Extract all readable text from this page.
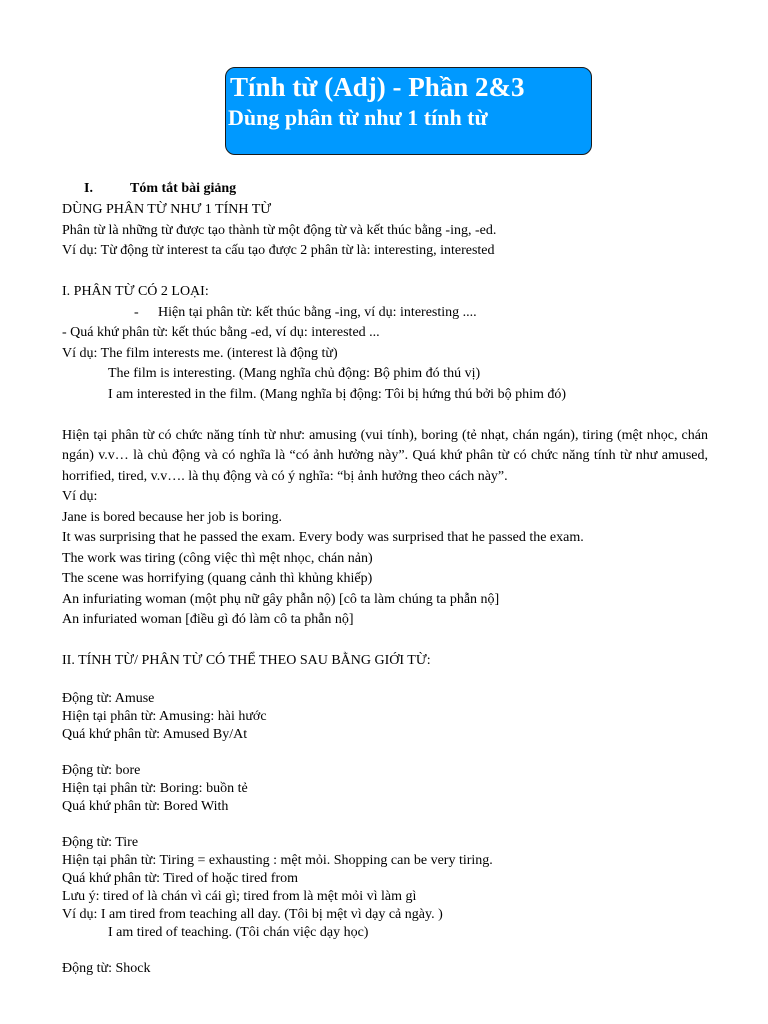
Tính từ (Adj) - Phần 2&3
Dùng phân từ như 1 tính từ
I.	Tóm tắt bài giảng
DÙNG PHÂN TỪ NHƯ 1 TÍNH TỪ
Phân từ là những từ được tạo thành từ một động từ và kết thúc bằng -ing, -ed.
Ví dụ: Từ động từ interest ta cấu tạo được 2 phân từ là: interesting, interested
I. PHÂN TỪ CÓ 2 LOẠI:
- Hiện tại phân từ: kết thúc bằng -ing, ví dụ: interesting ....
- Quá khứ phân từ: kết thúc bằng -ed, ví dụ: interested ...
Ví dụ: The film interests me. (interest là động từ)
The film is interesting. (Mang nghĩa chủ động: Bộ phim đó thú vị)
I am interested in the film. (Mang nghĩa bị động: Tôi bị hứng thú bởi bộ phim đó)
Hiện tại phân từ có chức năng tính từ như: amusing (vui tính), boring (tẻ nhạt, chán ngán), tiring (mệt nhọc, chán ngán) v.v… là chủ động và có nghĩa là “có ảnh hưởng này”. Quá khứ phân từ có chức năng tính từ như amused, horrified, tired, v.v…. là thụ động và có ý nghĩa: “bị ảnh hưởng theo cách này”.
Ví dụ:
Jane is bored because her job is boring.
It was surprising that he passed the exam. Every body was surprised that he passed the exam.
The work was tiring (công việc thì mệt nhọc, chán nản)
The scene was horrifying (quang cảnh thì khủng khiếp)
An infuriating woman (một phụ nữ gây phẫn nộ) [cô ta làm chúng ta phẫn nộ]
An infuriated woman [điều gì đó làm cô ta phẫn nộ]
II. TÍNH TỪ/ PHÂN TỪ CÓ THỂ THEO SAU BẰNG GIỚI TỪ:
Động từ: Amuse
Hiện tại phân từ: Amusing: hài hước
Quá khứ phân từ: Amused By/At
Động từ: bore
Hiện tại phân từ: Boring: buồn tẻ
Quá khứ phân từ: Bored With
Động từ: Tire
Hiện tại phân từ: Tiring = exhausting : mệt mỏi. Shopping can be very tiring.
Quá khứ phân từ: Tired of hoặc tired from
Lưu ý: tired of là chán vì cái gì; tired from là mệt mỏi vì làm gì
Ví dụ: I am tired from teaching all day. (Tôi bị mệt vì dạy cả ngày. )
I am tired of teaching. (Tôi chán việc dạy học)
Động từ: Shock
